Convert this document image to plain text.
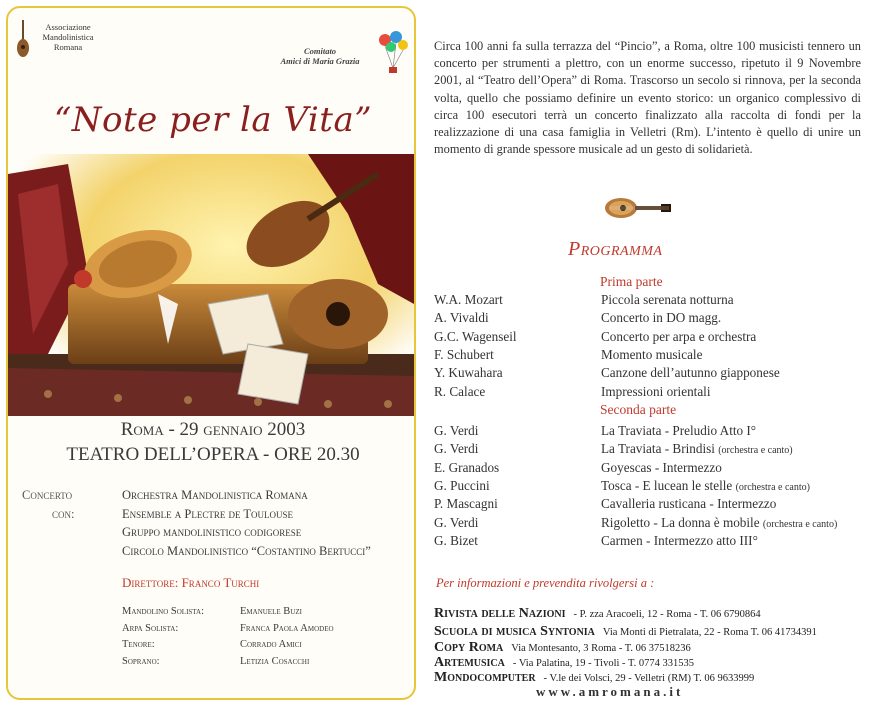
Associazione
Mandolinistica
Romana	Comitato
Amici di Maria Grazia
“Note per la Vita”
Roma - 29 gennaio 2003
TEATRO DELL’OPERA - ORE 20.30
Concerto
con:
Orchestra Mandolinistica Romana
Ensemble a Plectre de Toulouse
Gruppo mandolinistico codigorese
Circolo Mandolinistico “Costantino Bertucci”
Direttore: Franco Turchi
Mandolino Solista:	Emanuele Buzi
Arpa Solista:	Franca Paola Amodeo
Tenore:	Corrado Amici
Soprano:	Letizia Cosacchi
Circa 100 anni fa sulla terrazza del “Pincio”, a Roma, oltre 100 musicisti tennero un concerto per strumenti a plettro, con un enorme successo, ripetuto il 9 Novembre 2001, al “Teatro dell’Opera” di Roma. Trascorso un secolo si rinnova, per la seconda volta, quello che possiamo definire un evento storico: un organico complessivo di circa 100 esecutori terrà un concerto finalizzato alla raccolta di fondi per la realizzazione di una casa famiglia in Velletri (Rm). L’intento è quello di unire un momento di grande spessore musicale ad un gesto di solidarietà.
Programma
Prima parte
W.A. Mozart	Piccola serenata notturna
A. Vivaldi	Concerto in DO magg.
G.C. Wagenseil	Concerto per arpa e orchestra
F. Schubert	Momento musicale
Y. Kuwahara	Canzone dell’autunno giapponese
R. Calace	Impressioni orientali
Seconda parte
G. Verdi	La Traviata - Preludio Atto I°
G. Verdi	La Traviata - Brindisi (orchestra e canto)
E. Granados	Goyescas - Intermezzo
G. Puccini	Tosca - E lucean le stelle (orchestra e canto)
P. Mascagni	Cavalleria rusticana - Intermezzo
G. Verdi	Rigoletto - La donna è mobile (orchestra e canto)
G. Bizet	Carmen - Intermezzo atto III°
Per informazioni e prevendita rivolgersi a :
Rivista delle Nazioni - P. zza Aracoeli, 12 - Roma - T. 06 6790864
Scuola di musica Syntonia Via Monti di Pietralata, 22 - Roma T. 06 41734391
Copy Roma Via Montesanto, 3 Roma - T. 06 37518236
Artemusica - Via Palatina, 19 - Tivoli - T. 0774 331535
Mondocomputer - V.le dei Volsci, 29 - Velletri (RM) T. 06 9633999
www.amromana.it
